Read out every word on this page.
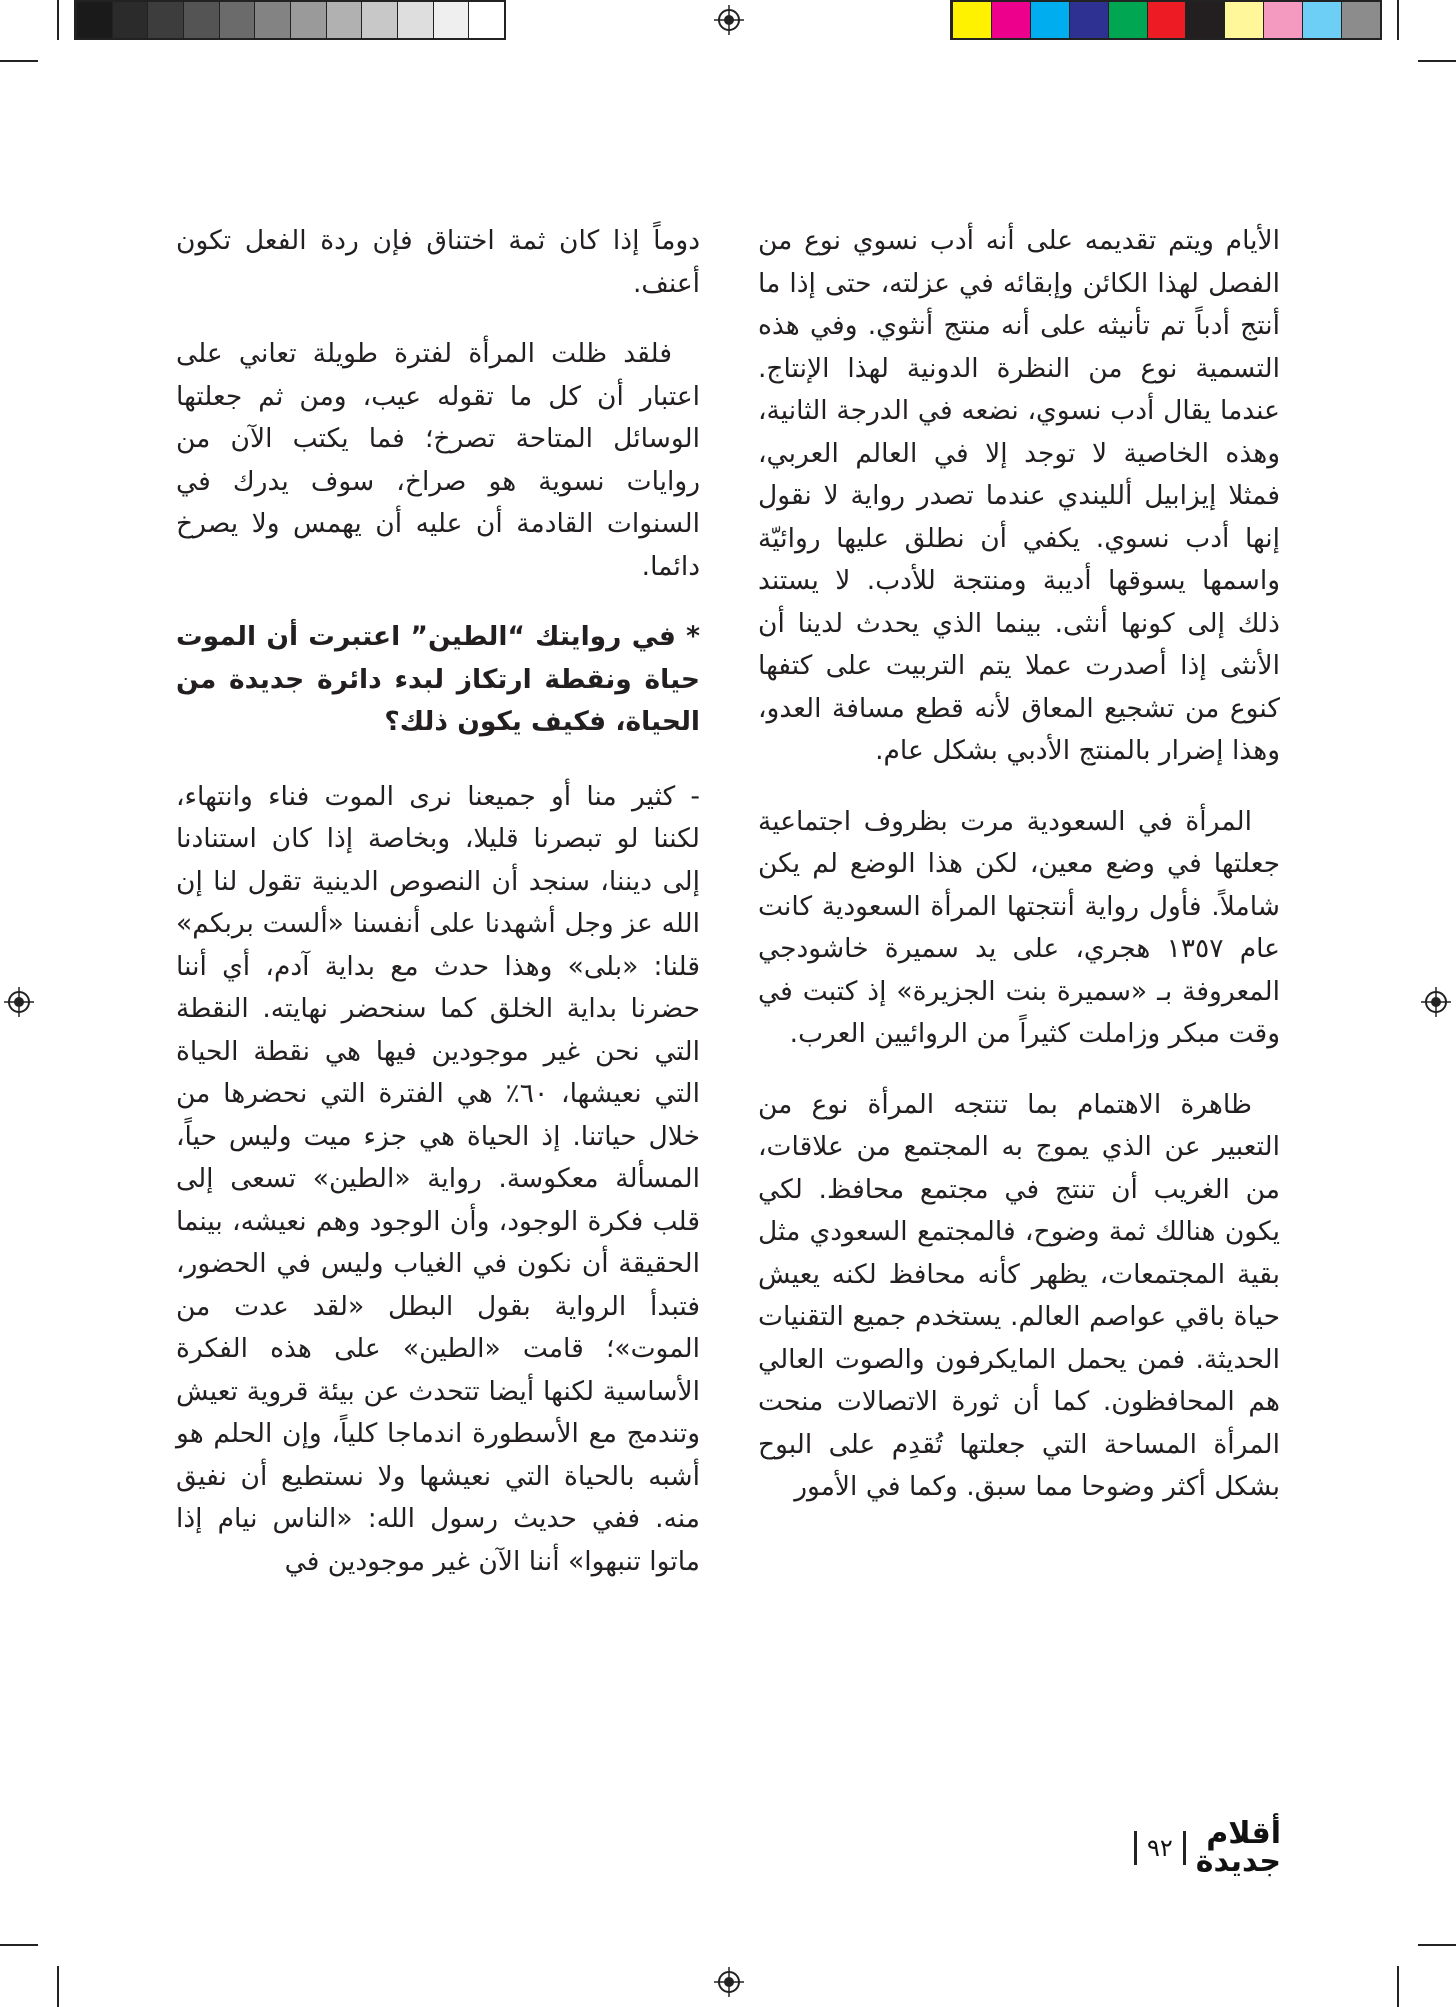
الأيام ويتم تقديمه على أنه أدب نسوي نوع من الفصل لهذا الكائن وإبقائه في عزلته، حتى إذا ما أنتج أدباً تم تأنيثه على أنه منتج أنثوي. وفي هذه التسمية نوع من النظرة الدونية لهذا الإنتاج. عندما يقال أدب نسوي، نضعه في الدرجة الثانية، وهذه الخاصية لا توجد إلا في العالم العربي، فمثلا إيزابيل ألليندي عندما تصدر رواية لا نقول إنها أدب نسوي. يكفي أن نطلق عليها روائيّة واسمها يسوقها أديبة ومنتجة للأدب. لا يستند ذلك إلى كونها أنثى. بينما الذي يحدث لدينا أن الأنثى إذا أصدرت عملا يتم التربيت على كتفها كنوع من تشجيع المعاق لأنه قطع مسافة العدو، وهذا إضرار بالمنتج الأدبي بشكل عام.

المرأة في السعودية مرت بظروف اجتماعية جعلتها في وضع معين، لكن هذا الوضع لم يكن شاملاً. فأول رواية أنتجتها المرأة السعودية كانت عام ١٣٥٧ هجري، على يد سميرة خاشودجي المعروفة بـ «سميرة بنت الجزيرة» إذ كتبت في وقت مبكر وزاملت كثيراً من الروائيين العرب.

ظاهرة الاهتمام بما تنتجه المرأة نوع من التعبير عن الذي يموج به المجتمع من علاقات، من الغريب أن تنتج في مجتمع محافظ. لكي يكون هنالك ثمة وضوح، فالمجتمع السعودي مثل بقية المجتمعات، يظهر كأنه محافظ لكنه يعيش حياة باقي عواصم العالم. يستخدم جميع التقنيات الحديثة. فمن يحمل المايكرفون والصوت العالي هم المحافظون. كما أن ثورة الاتصالات منحت المرأة المساحة التي جعلتها تُقدِم على البوح بشكل أكثر وضوحا مما سبق. وكما في الأمور

دوماً إذا كان ثمة اختناق فإن ردة الفعل تكون أعنف.

فلقد ظلت المرأة لفترة طويلة تعاني على اعتبار أن كل ما تقوله عيب، ومن ثم جعلتها الوسائل المتاحة تصرخ؛ فما يكتب الآن من روايات نسوية هو صراخ، سوف يدرك في السنوات القادمة أن عليه أن يهمس ولا يصرخ دائما.

* في روايتك “الطين” اعتبرت أن الموت حياة ونقطة ارتكاز لبدء دائرة جديدة من الحياة، فكيف يكون ذلك؟

- كثير منا أو جميعنا نرى الموت فناء وانتهاء، لكننا لو تبصرنا قليلا، وبخاصة إذا كان استنادنا إلى ديننا، سنجد أن النصوص الدينية تقول لنا إن الله عز وجل أشهدنا على أنفسنا «ألست بربكم» قلنا: «بلى» وهذا حدث مع بداية آدم، أي أننا حضرنا بداية الخلق كما سنحضر نهايته. النقطة التي نحن غير موجودين فيها هي نقطة الحياة التي نعيشها، ٦٠٪ هي الفترة التي نحضرها من خلال حياتنا. إذ الحياة هي جزء ميت وليس حياً، المسألة معكوسة. رواية «الطين» تسعى إلى قلب فكرة الوجود، وأن الوجود وهم نعيشه، بينما الحقيقة أن نكون في الغياب وليس في الحضور، فتبدأ الرواية بقول البطل «لقد عدت من الموت»؛ قامت «الطين» على هذه الفكرة الأساسية لكنها أيضا تتحدث عن بيئة قروية تعيش وتندمج مع الأسطورة اندماجا كلياً، وإن الحلم هو أشبه بالحياة التي نعيشها ولا نستطيع أن نفيق منه. ففي حديث رسول الله: «الناس نيام إذا ماتوا تنبهوا» أننا الآن غير موجودين في

أقلام
جديدة
٩٢
